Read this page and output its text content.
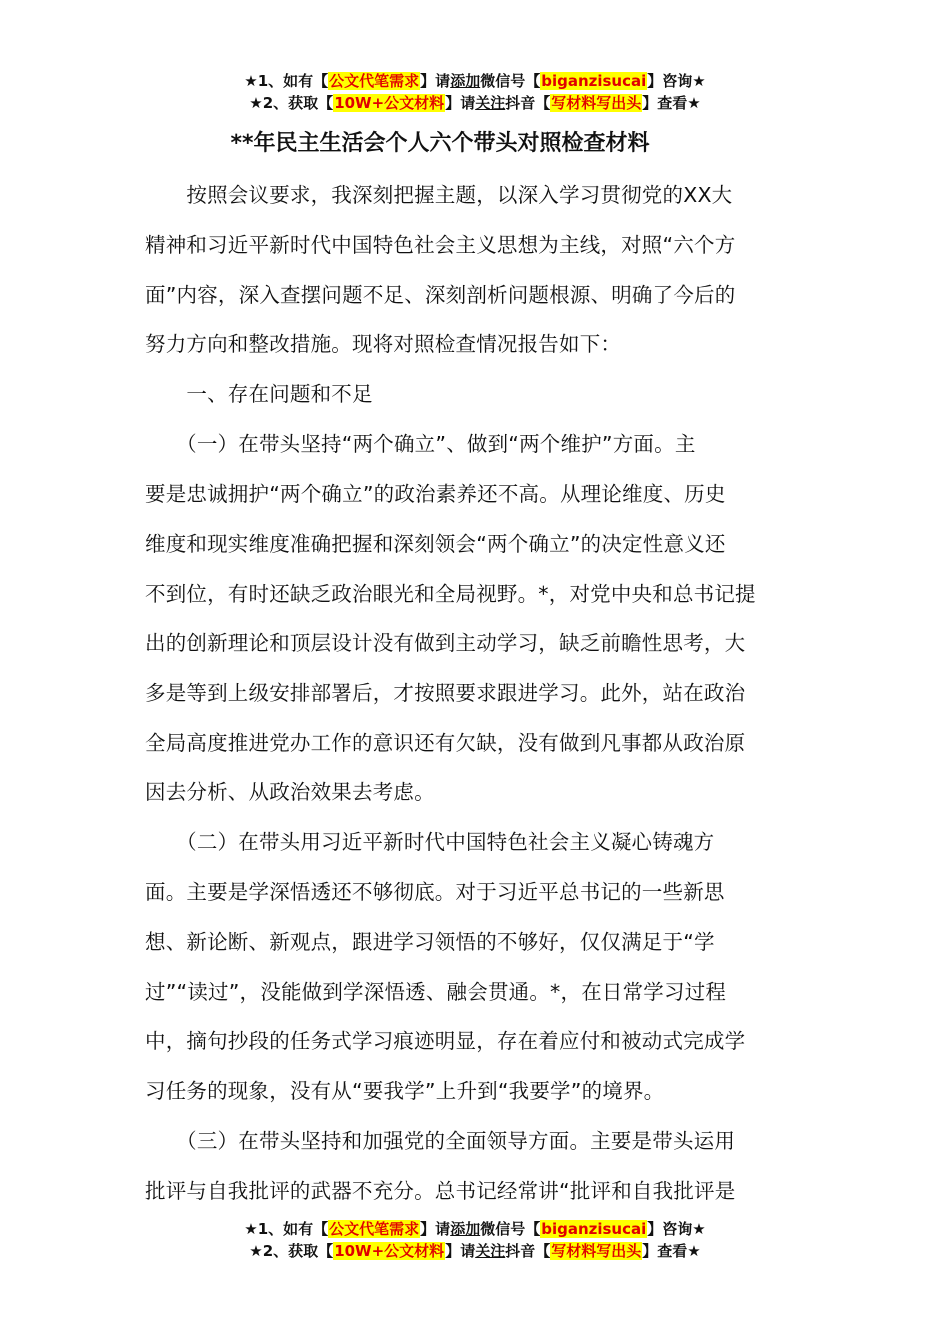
★1、如有【公文代笔需求】请添加微信号【biganzisucai】咨询★
★2、获取【10W+公文材料】请关注抖音【写材料写出头】查看★
**年民主生活会个人六个带头对照检查材料
　　按照会议要求，我深刻把握主题，以深入学习贯彻党的XX大
精神和习近平新时代中国特色社会主义思想为主线，对照“六个方
面”内容，深入查摆问题不足、深刻剖析问题根源、明确了今后的
努力方向和整改措施。现将对照检查情况报告如下：
　　一、存在问题和不足
　　（一）在带头坚持“两个确立”、做到“两个维护”方面。主
要是忠诚拥护“两个确立”的政治素养还不高。从理论维度、历史
维度和现实维度准确把握和深刻领会“两个确立”的决定性意义还
不到位，有时还缺乏政治眼光和全局视野。*，对党中央和总书记提
出的创新理论和顶层设计没有做到主动学习，缺乏前瞻性思考，大
多是等到上级安排部署后，才按照要求跟进学习。此外，站在政治
全局高度推进党办工作的意识还有欠缺，没有做到凡事都从政治原
因去分析、从政治效果去考虑。
　　（二）在带头用习近平新时代中国特色社会主义凝心铸魂方
面。主要是学深悟透还不够彻底。对于习近平总书记的一些新思
想、新论断、新观点，跟进学习领悟的不够好，仅仅满足于“学
过”“读过”，没能做到学深悟透、融会贯通。*，在日常学习过程
中，摘句抄段的任务式学习痕迹明显，存在着应付和被动式完成学
习任务的现象，没有从“要我学”上升到“我要学”的境界。
　　（三）在带头坚持和加强党的全面领导方面。主要是带头运用
批评与自我批评的武器不充分。总书记经常讲“批评和自我批评是
★1、如有【公文代笔需求】请添加微信号【biganzisucai】咨询★
★2、获取【10W+公文材料】请关注抖音【写材料写出头】查看★
